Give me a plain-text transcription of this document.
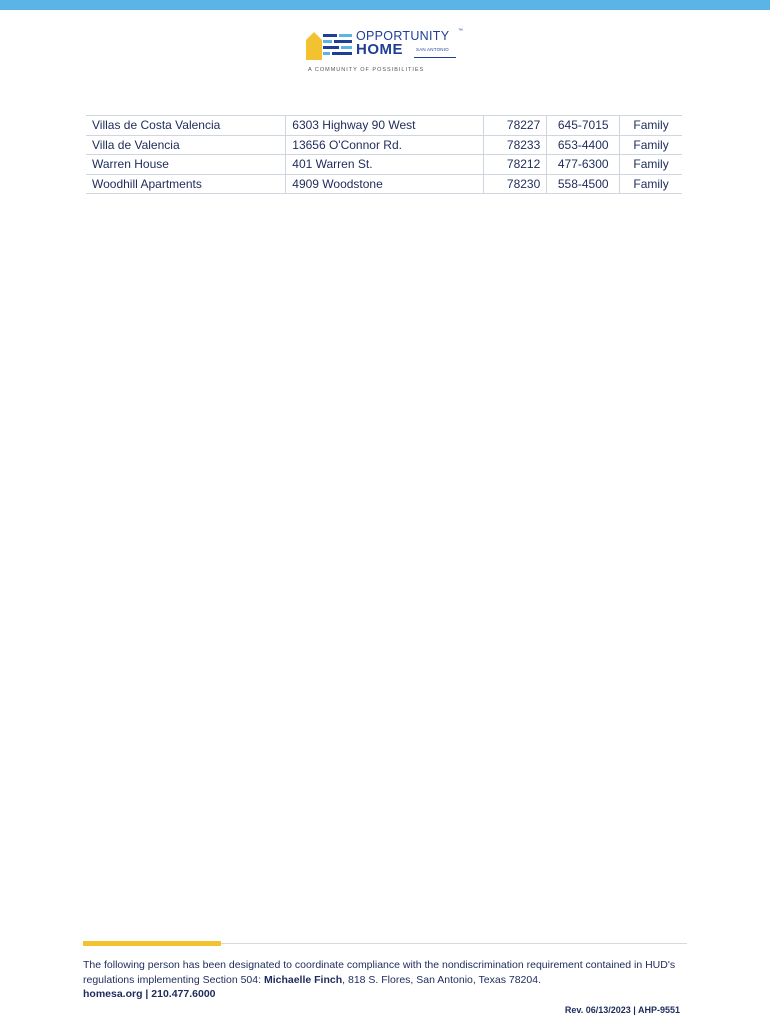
OPPORTUNITY ™
HOME	SAN ANTONIO
A COMMUNITY OF POSSIBILITIES
Villas de Costa Valencia	6303 Highway 90 West	78227	645-7015	Family
Villa de Valencia	13656 O'Connor Rd.	78233	653-4400	Family
Warren House	401 Warren St.	78212	477-6300	Family
Woodhill Apartments	4909 Woodstone	78230	558-4500	Family
The following person has been designated to coordinate compliance with the nondiscrimination requirement contained in HUD's regulations implementing Section 504: Michaelle Finch, 818 S. Flores, San Antonio, Texas 78204.
homesa.org | 210.477.6000
Rev. 06/13/2023 | AHP-9551
